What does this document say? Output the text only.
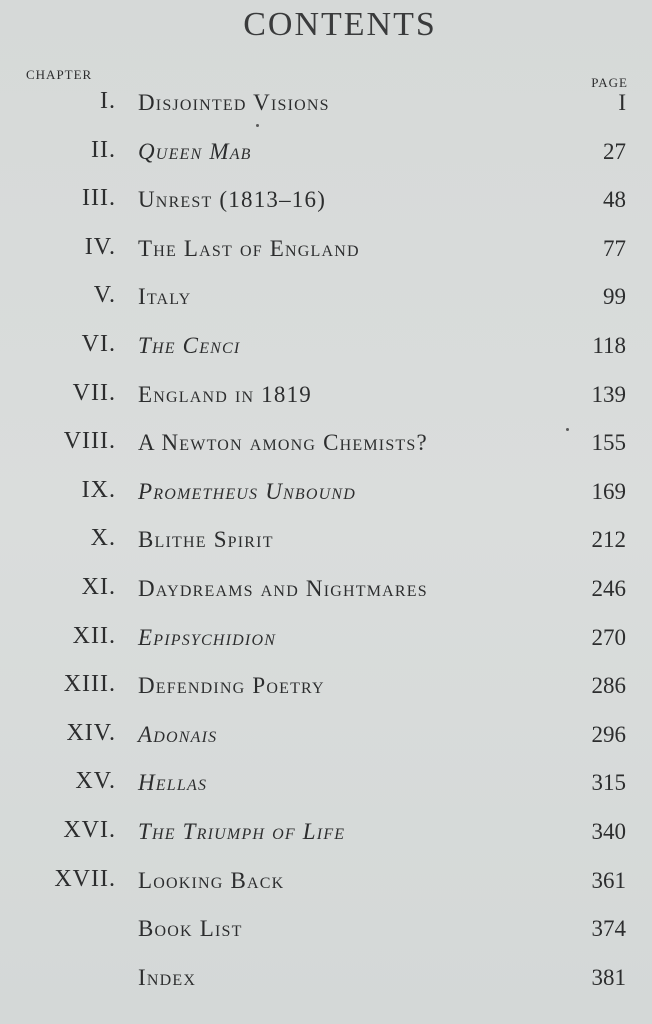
CONTENTS
CHAPTER
PAGE
I. Disjointed Visions	I
II. Queen Mab	27
III. Unrest (1813–16)	48
IV. The Last of England	77
V. Italy	99
VI. The Cenci	118
VII. England in 1819	139
VIII. A Newton among Chemists?	155
IX. Prometheus Unbound	169
X. Blithe Spirit	212
XI. Daydreams and Nightmares	246
XII. Epipsychidion	270
XIII. Defending Poetry	286
XIV. Adonais	296
XV. Hellas	315
XVI. The Triumph of Life	340
XVII. Looking Back	361
Book List	374
Index	381
